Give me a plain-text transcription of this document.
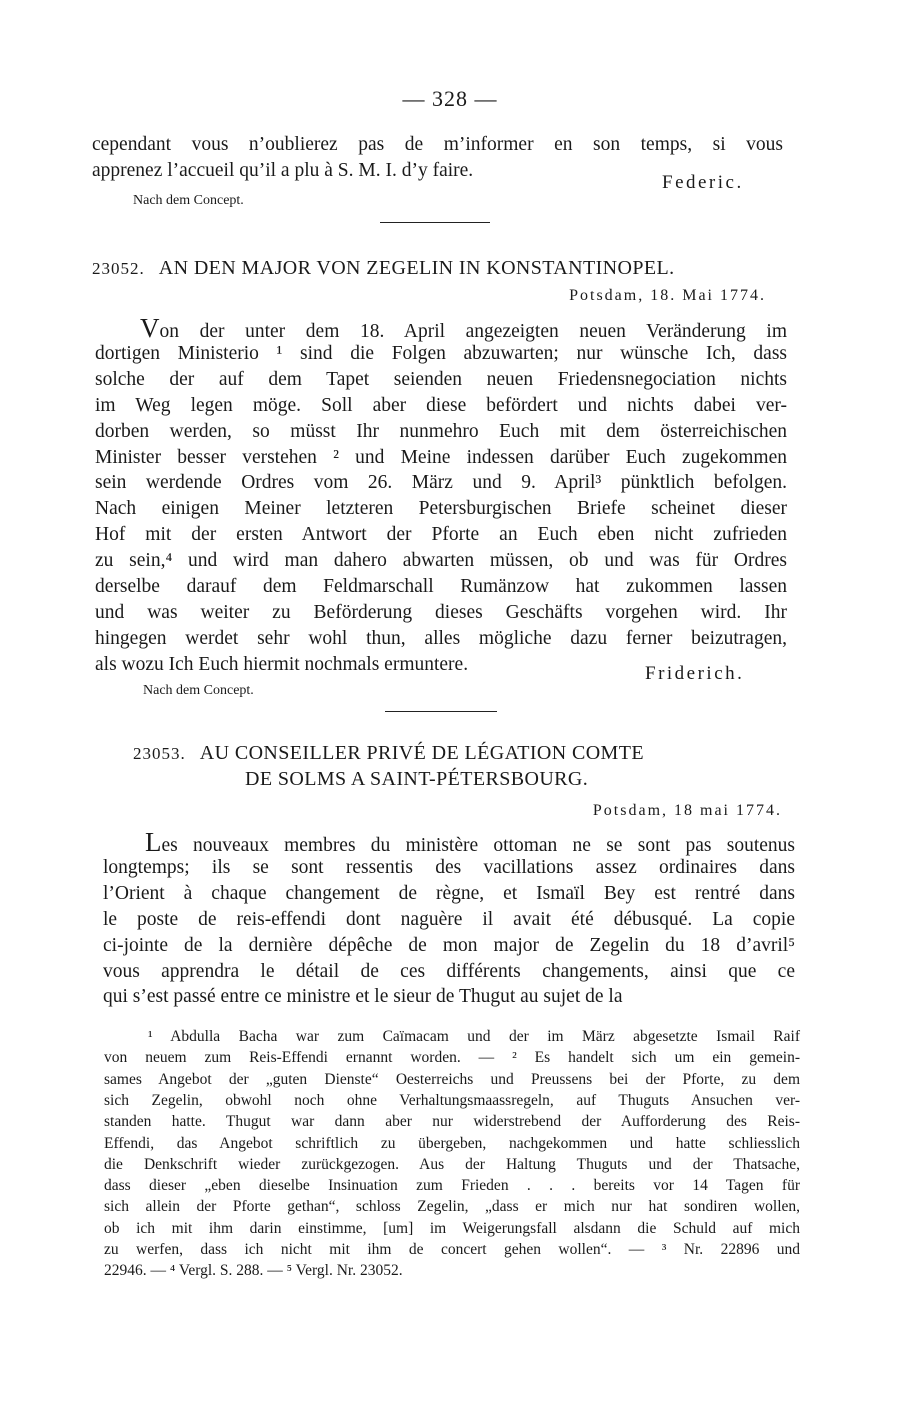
— 328 —
cependant vous n’oublierez pas de m’informer en son temps, si vous
apprenez l’accueil qu’il a plu à S. M. I. d’y faire.
Federic.
Nach dem Concept.
23052. AN DEN MAJOR VON ZEGELIN IN KONSTANTINOPEL.
Potsdam, 18. Mai 1774.
Von der unter dem 18. April angezeigten neuen Veränderung im
dortigen Ministerio ¹ sind die Folgen abzuwarten; nur wünsche Ich, dass
solche der auf dem Tapet seienden neuen Friedensnegociation nichts
im Weg legen möge. Soll aber diese befördert und nichts dabei ver-
dorben werden, so müsst Ihr nunmehro Euch mit dem österreichischen
Minister besser verstehen ² und Meine indessen darüber Euch zugekommen
sein werdende Ordres vom 26. März und 9. April³ pünktlich befolgen.
Nach einigen Meiner letzteren Petersburgischen Briefe scheinet dieser
Hof mit der ersten Antwort der Pforte an Euch eben nicht zufrieden
zu sein,⁴ und wird man dahero abwarten müssen, ob und was für Ordres
derselbe darauf dem Feldmarschall Rumänzow hat zukommen lassen
und was weiter zu Beförderung dieses Geschäfts vorgehen wird. Ihr
hingegen werdet sehr wohl thun, alles mögliche dazu ferner beizutragen,
als wozu Ich Euch hiermit nochmals ermuntere.	Friderich.
Nach dem Concept.
23053. AU CONSEILLER PRIVÉ DE LÉGATION COMTE
DE SOLMS A SAINT-PÉTERSBOURG.
Potsdam, 18 mai 1774.
Les nouveaux membres du ministère ottoman ne se sont pas soutenus
longtemps; ils se sont ressentis des vacillations assez ordinaires dans
l’Orient à chaque changement de règne, et Ismaïl Bey est rentré dans
le poste de reis-effendi dont naguère il avait été débusqué. La copie
ci-jointe de la dernière dépêche de mon major de Zegelin du 18 d’avril⁵
vous apprendra le détail de ces différents changements, ainsi que ce
qui s’est passé entre ce ministre et le sieur de Thugut au sujet de la
¹ Abdulla Bacha war zum Caïmacam und der im März abgesetzte Ismail Raif
von neuem zum Reis-Effendi ernannt worden. — ² Es handelt sich um ein gemein-
sames Angebot der „guten Dienste“ Oesterreichs und Preussens bei der Pforte, zu dem
sich Zegelin, obwohl noch ohne Verhaltungsmaassregeln, auf Thuguts Ansuchen ver-
standen hatte. Thugut war dann aber nur widerstrebend der Aufforderung des Reis-
Effendi, das Angebot schriftlich zu übergeben, nachgekommen und hatte schliesslich
die Denkschrift wieder zurückgezogen. Aus der Haltung Thuguts und der Thatsache,
dass dieser „eben dieselbe Insinuation zum Frieden . . . bereits vor 14 Tagen für
sich allein der Pforte gethan“, schloss Zegelin, „dass er mich nur hat sondiren wollen,
ob ich mit ihm darin einstimme, [um] im Weigerungsfall alsdann die Schuld auf mich
zu werfen, dass ich nicht mit ihm de concert gehen wollen“. — ³ Nr. 22896 und
22946. — ⁴ Vergl. S. 288. — ⁵ Vergl. Nr. 23052.
